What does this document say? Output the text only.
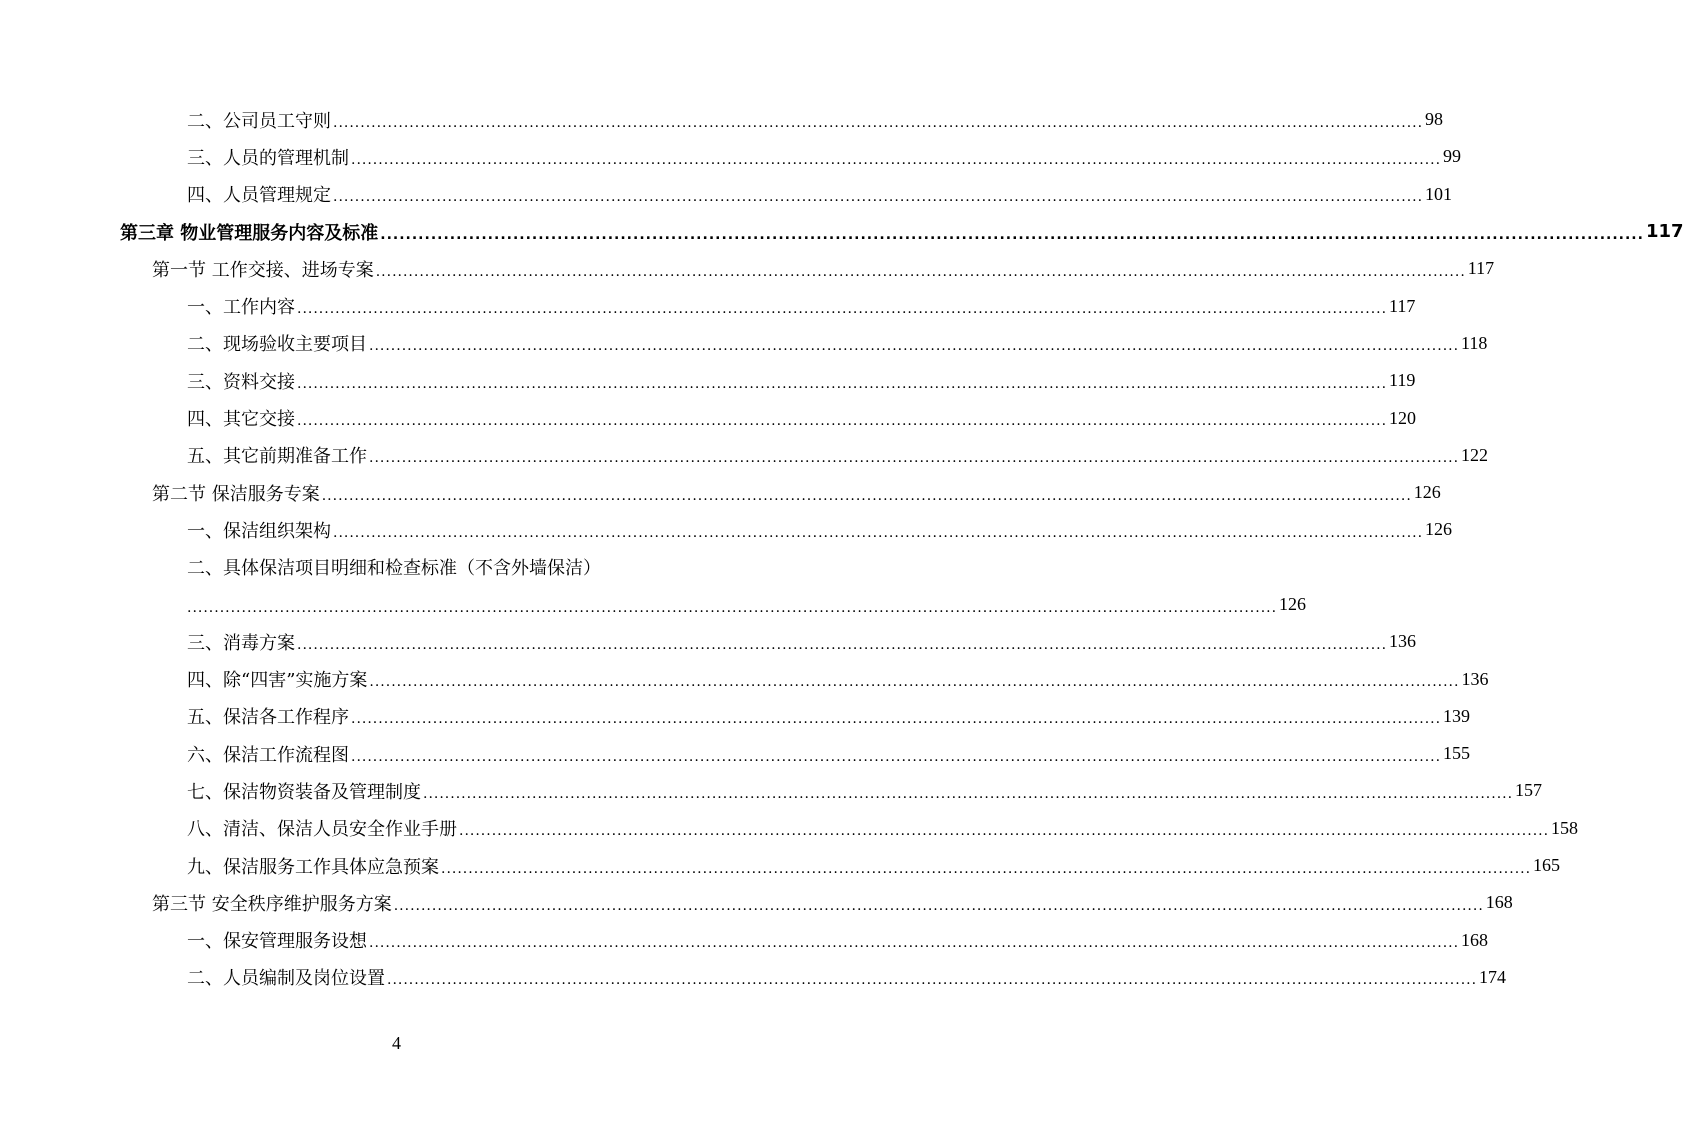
二、公司员工守则 ........................................................................................................................................................................................................ 98
三、人员的管理机制 ........................................................................................................................................................................................................ 99
四、人员管理规定 ........................................................................................................................................................................................................ 101
第三章 物业管理服务内容及标准 ........................................................................................................................................................................................................ 117
第一节 工作交接、进场专案 ........................................................................................................................................................................................................ 117
一、工作内容 ........................................................................................................................................................................................................ 117
二、现场验收主要项目 ........................................................................................................................................................................................................ 118
三、资料交接 ........................................................................................................................................................................................................ 119
四、其它交接 ........................................................................................................................................................................................................ 120
五、其它前期准备工作 ........................................................................................................................................................................................................ 122
第二节 保洁服务专案 ........................................................................................................................................................................................................ 126
一、保洁组织架构 ........................................................................................................................................................................................................ 126
二、具体保洁项目明细和检查标准（不含外墙保洁）
........................................................................................................................................................................................................ 126
三、消毒方案 ........................................................................................................................................................................................................ 136
四、除“四害”实施方案 ........................................................................................................................................................................................................ 136
五、保洁各工作程序 ........................................................................................................................................................................................................ 139
六、保洁工作流程图 ........................................................................................................................................................................................................ 155
七、保洁物资装备及管理制度 ........................................................................................................................................................................................................ 157
八、清洁、保洁人员安全作业手册 ........................................................................................................................................................................................................ 158
九、保洁服务工作具体应急预案 ........................................................................................................................................................................................................ 165
第三节 安全秩序维护服务方案 ........................................................................................................................................................................................................ 168
一、保安管理服务设想 ........................................................................................................................................................................................................ 168
二、人员编制及岗位设置 ........................................................................................................................................................................................................ 174
4
